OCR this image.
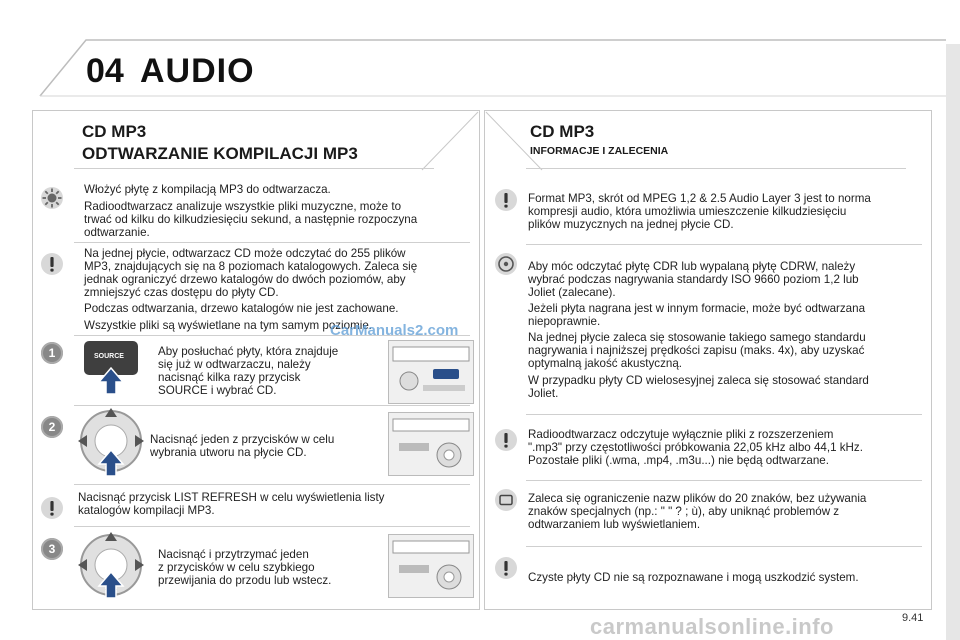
04 AUDIO
CD MP3
ODTWARZANIE KOMPILACJI MP3
Włożyć płytę z kompilacją MP3 do odtwarzacza.
Radioodtwarzacz analizuje wszystkie pliki muzyczne, może to
trwać od kilku do kilkudziesięciu sekund, a następnie rozpoczyna
odtwarzanie.
Na jednej płycie, odtwarzacz CD może odczytać do 255 plików
MP3, znajdujących się na 8 poziomach katalogowych. Zaleca się
jednak ograniczyć drzewo katalogów do dwóch poziomów, aby
zmniejszyć czas dostępu do płyty CD.
Podczas odtwarzania, drzewo katalogów nie jest zachowane.
Wszystkie pliki są wyświetlane na tym samym poziomie.
CarManuals2.com
1	SOURCE	Aby posłuchać płyty, która znajduje
się już w odtwarzaczu, należy
nacisnąć kilka razy przycisk
SOURCE i wybrać CD.
2
Nacisnąć jeden z przycisków w celu
wybrania utworu na płycie CD.
Nacisnąć przycisk LIST REFRESH w celu wyświetlenia listy
katalogów kompilacji MP3.
3	Nacisnąć i przytrzymać jeden
z przycisków w celu szybkiego
przewijania do przodu lub wstecz.
CD MP3
INFORMACJE I ZALECENIA
Format MP3, skrót od MPEG 1,2 & 2.5 Audio Layer 3 jest to norma
kompresji audio, która umożliwia umieszczenie kilkudziesięciu
plików muzycznych na jednej płycie CD.
Aby móc odczytać płytę CDR lub wypalaną płytę CDRW, należy
wybrać podczas nagrywania standardy ISO 9660 poziom 1,2 lub
Joliet (zalecane).
Jeżeli płyta nagrana jest w innym formacie, może być odtwarzana
niepoprawnie.
Na jednej płycie zaleca się stosowanie takiego samego standardu
nagrywania i najniższej prędkości zapisu (maks. 4x), aby uzyskać
optymalną jakość akustyczną.
W przypadku płyty CD wielosesyjnej zaleca się stosować standard
Joliet.
Radioodtwarzacz odczytuje wyłącznie pliki z rozszerzeniem
".mp3" przy częstotliwości próbkowania 22,05 kHz albo 44,1 kHz.
Pozostałe pliki (.wma, .mp4, .m3u...) nie będą odtwarzane.
Zaleca się ograniczenie nazw plików do 20 znaków, bez używania
znaków specjalnych (np.: " " ? ; ù), aby uniknąć problemów z
odtwarzaniem lub wyświetlaniem.
Czyste płyty CD nie są rozpoznawane i mogą uszkodzić system.
9.41
carmanualsonline.info
